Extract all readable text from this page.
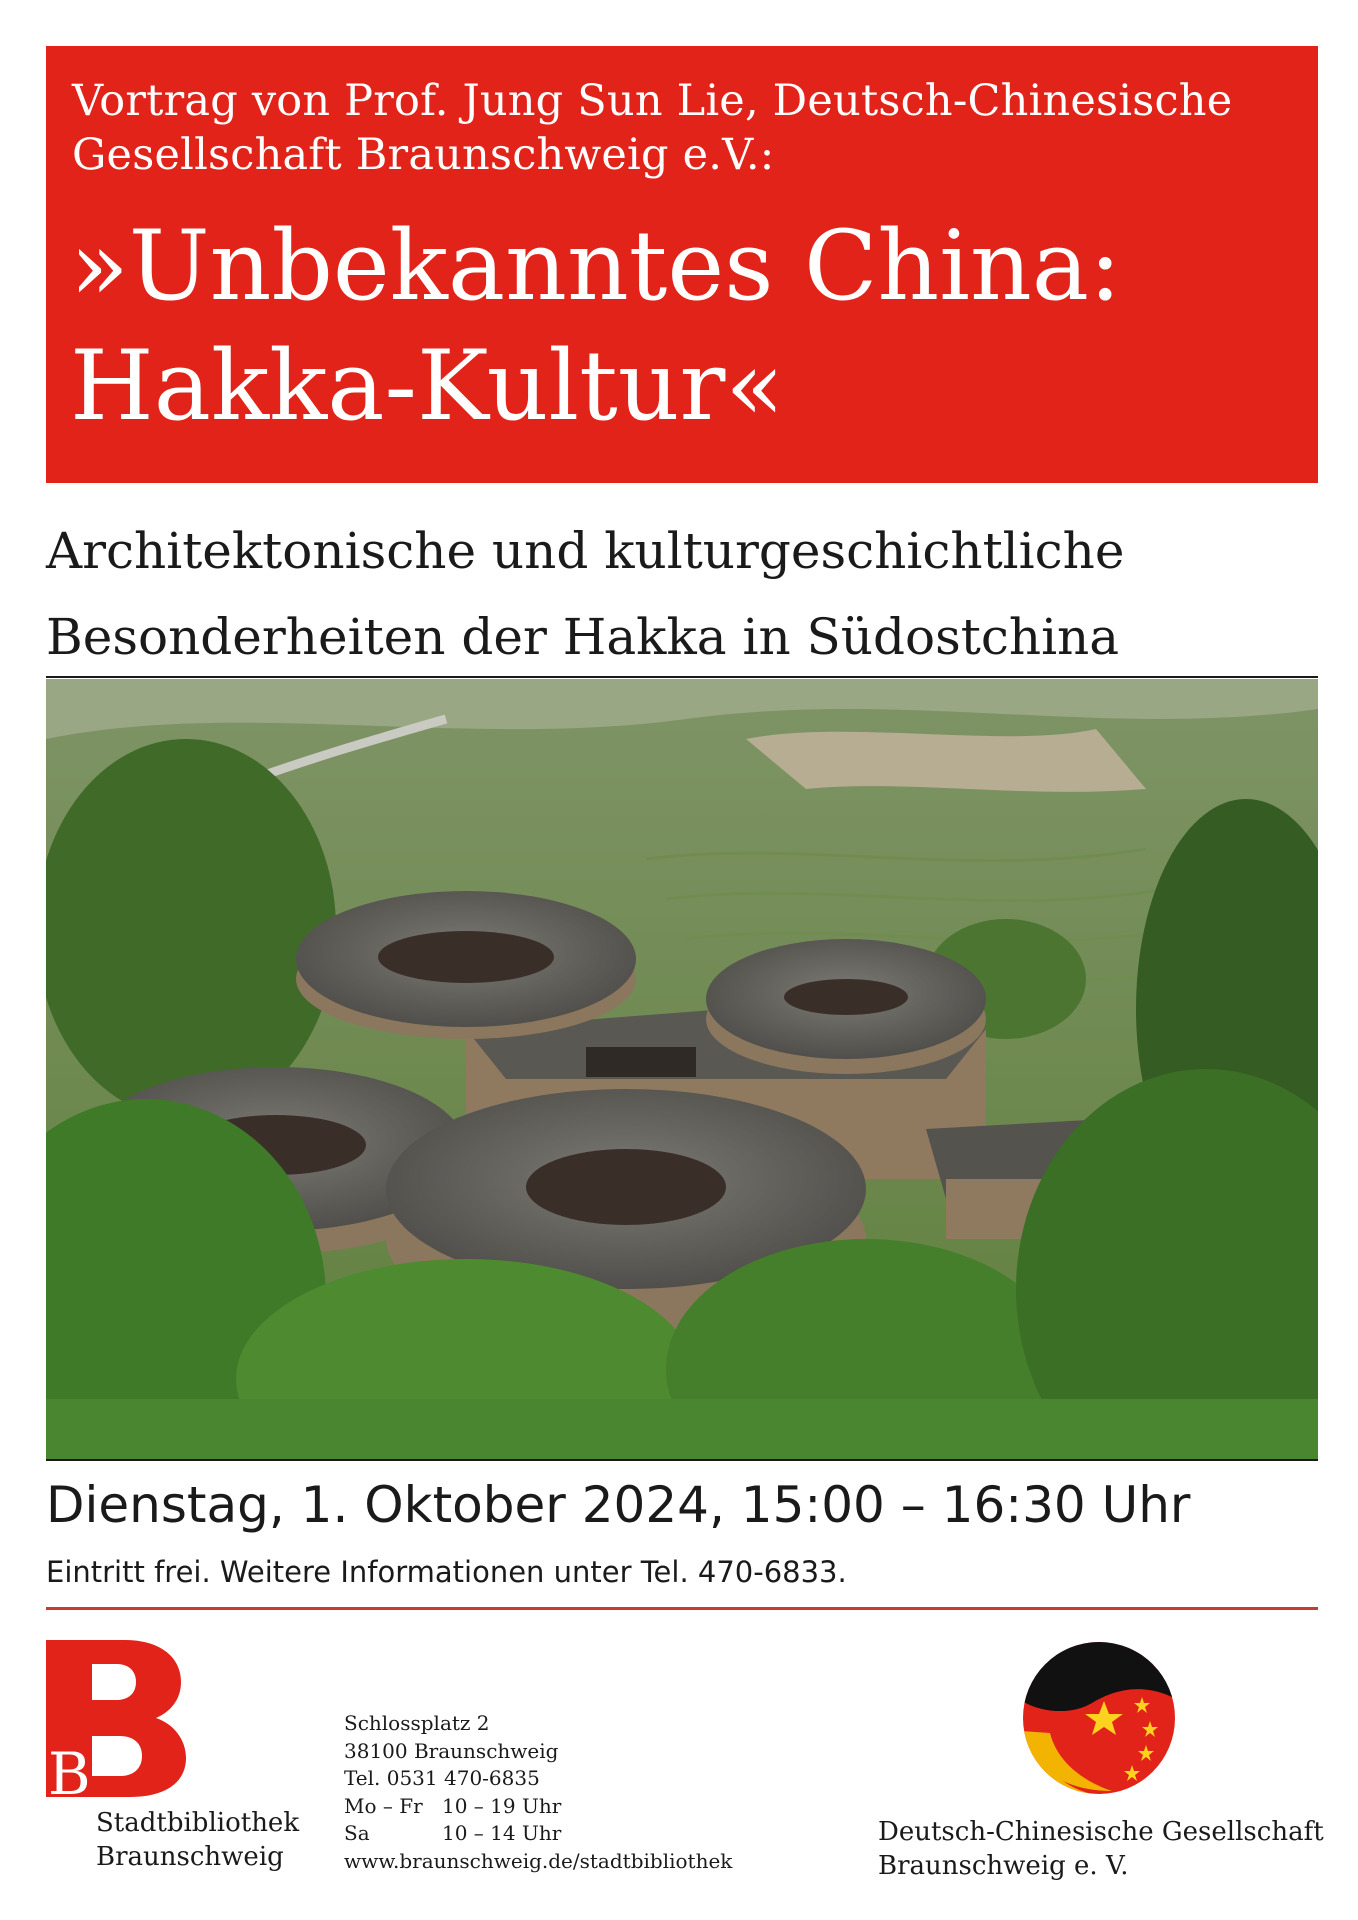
Vortrag von Prof. Jung Sun Lie, Deutsch-Chinesische
Gesellschaft Braunschweig e.V.:
»Unbekanntes China:
Hakka-Kultur«
Architektonische und kulturgeschichtliche
Besonderheiten der Hakka in Südostchina
Dienstag, 1. Oktober 2024, 15:00 – 16:30 Uhr
Eintritt frei. Weitere Informationen unter Tel. 470-6833.
B
Stadtbibliothek
Braunschweig
Schlossplatz 2
38100 Braunschweig
Tel. 0531 470-6835
Mo – Fr 10 – 19 Uhr
Sa	10 – 14 Uhr
www.braunschweig.de/stadtbibliothek
Deutsch-Chinesische Gesellschaft
Braunschweig e. V.
